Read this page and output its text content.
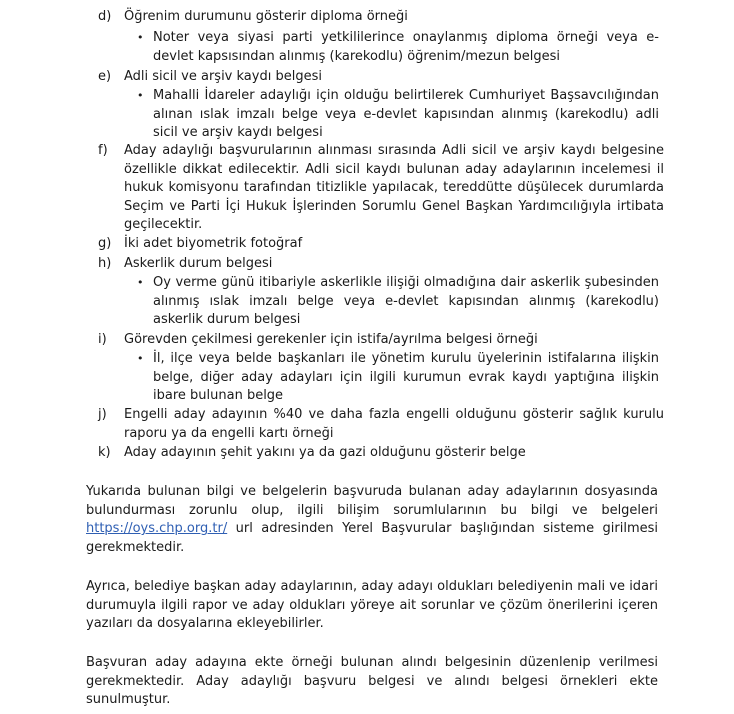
d) Öğrenim durumunu gösterir diploma örneği
• Noter veya siyasi parti yetkililerince onaylanmış diploma örneği veya e-devlet kapsısından alınmış (karekodlu) öğrenim/mezun belgesi
e) Adli sicil ve arşiv kaydı belgesi
• Mahalli İdareler adaylığı için olduğu belirtilerek Cumhuriyet Başsavcılığından alınan ıslak imzalı belge veya e-devlet kapısından alınmış (karekodlu) adli sicil ve arşiv kaydı belgesi
f)	Aday adaylığı başvurularının alınması sırasında Adli sicil ve arşiv kaydı belgesine özellikle dikkat edilecektir. Adli sicil kaydı bulunan aday adaylarının incelemesi il hukuk komisyonu tarafından titizlikle yapılacak, tereddütte düşülecek durumlarda Seçim ve Parti İçi Hukuk İşlerinden Sorumlu Genel Başkan Yardımcılığıyla irtibata geçilecektir.
g) İki adet biyometrik fotoğraf
h) Askerlik durum belgesi
• Oy verme günü itibariyle askerlikle ilişiği olmadığına dair askerlik şubesinden alınmış ıslak imzalı belge veya e-devlet kapısından alınmış (karekodlu) askerlik durum belgesi
i)	Görevden çekilmesi gerekenler için istifa/ayrılma belgesi örneği
• İl, ilçe veya belde başkanları ile yönetim kurulu üyelerinin istifalarına ilişkin belge, diğer aday adayları için ilgili kurumun evrak kaydı yaptığına ilişkin ibare bulunan belge
j)	Engelli aday adayının %40 ve daha fazla engelli olduğunu gösterir sağlık kurulu raporu ya da engelli kartı örneği
k)	Aday adayının şehit yakını ya da gazi olduğunu gösterir belge
Yukarıda bulunan bilgi ve belgelerin başvuruda bulanan aday adaylarının dosyasında bulundurması zorunlu olup, ilgili bilişim sorumlularının bu bilgi ve belgeleri https://oys.chp.org.tr/ url adresinden Yerel Başvurular başlığından sisteme girilmesi gerekmektedir.
Ayrıca, belediye başkan aday adaylarının, aday adayı oldukları belediyenin mali ve idari durumuyla ilgili rapor ve aday oldukları yöreye ait sorunlar ve çözüm önerilerini içeren yazıları da dosyalarına ekleyebilirler.
Başvuran aday adayına ekte örneği bulunan alındı belgesinin düzenlenip verilmesi gerekmektedir. Aday adaylığı başvuru belgesi ve alındı belgesi örnekleri ekte sunulmuştur.
